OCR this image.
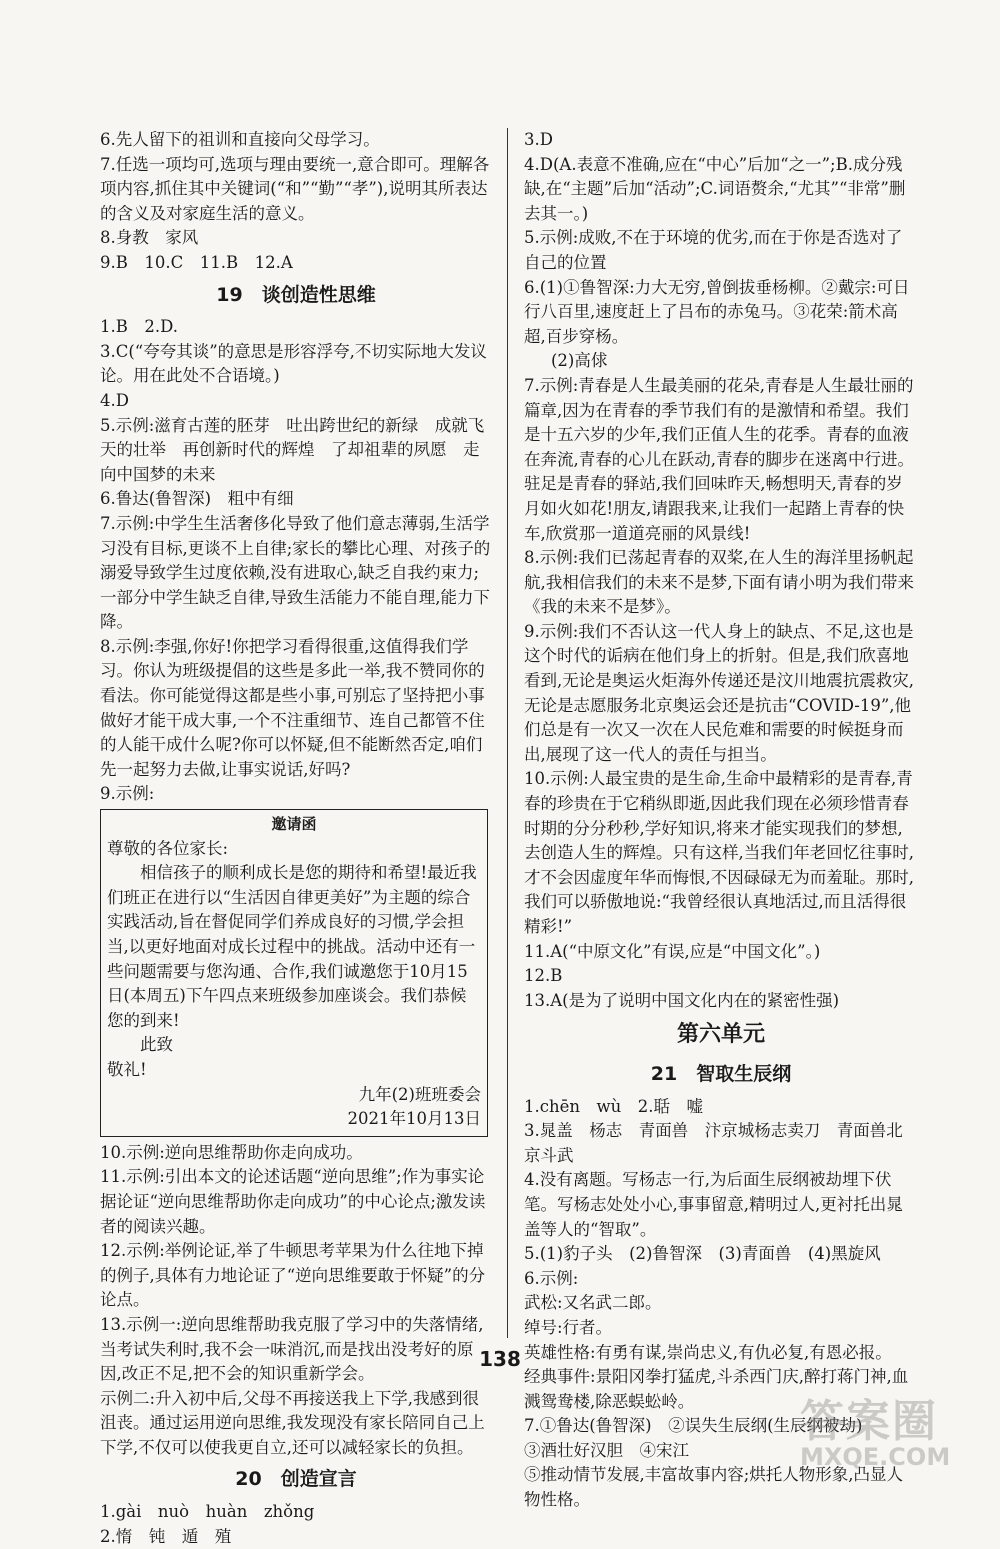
6.先人留下的祖训和直接向父母学习。

7.任选一项均可,选项与理由要统一,意合即可。理解各项内容,抓住其中关键词(“和”“勤”“孝”),说明其所表达的含义及对家庭生活的意义。

8.身教　家风

9.B　10.C　11.B　12.A

19　谈创造性思维

1.B　2.D.

3.C(“夸夸其谈”的意思是形容浮夸,不切实际地大发议论。用在此处不合语境。)

4.D

5.示例:滋育古莲的胚芽　吐出跨世纪的新绿　成就飞天的壮举　再创新时代的辉煌　了却祖辈的夙愿　走向中国梦的未来

6.鲁达(鲁智深)　粗中有细

7.示例:中学生生活奢侈化导致了他们意志薄弱,生活学习没有目标,更谈不上自律;家长的攀比心理、对孩子的溺爱导致学生过度依赖,没有进取心,缺乏自我约束力;一部分中学生缺乏自律,导致生活能力不能自理,能力下降。

8.示例:李强,你好!你把学习看得很重,这值得我们学习。你认为班级提倡的这些是多此一举,我不赞同你的看法。你可能觉得这都是些小事,可别忘了坚持把小事做好才能干成大事,一个不注重细节、连自己都管不住的人能干成什么呢?你可以怀疑,但不能断然否定,咱们先一起努力去做,让事实说话,好吗?

9.示例:

邀请函

尊敬的各位家长:

相信孩子的顺利成长是您的期待和希望!最近我们班正在进行以“生活因自律更美好”为主题的综合实践活动,旨在督促同学们养成良好的习惯,学会担当,以更好地面对成长过程中的挑战。活动中还有一些问题需要与您沟通、合作,我们诚邀您于10月15日(本周五)下午四点来班级参加座谈会。我们恭候您的到来!

此致

敬礼!

九年(2)班班委会

2021年10月13日

10.示例:逆向思维帮助你走向成功。

11.示例:引出本文的论述话题“逆向思维”;作为事实论据论证“逆向思维帮助你走向成功”的中心论点;激发读者的阅读兴趣。

12.示例:举例论证,举了牛顿思考苹果为什么往地下掉的例子,具体有力地论证了“逆向思维要敢于怀疑”的分论点。

13.示例一:逆向思维帮助我克服了学习中的失落情绪,当考试失利时,我不会一味消沉,而是找出没考好的原因,改正不足,把不会的知识重新学会。

示例二:升入初中后,父母不再接送我上下学,我感到很沮丧。通过运用逆向思维,我发现没有家长陪同自己上下学,不仅可以使我更自立,还可以减轻家长的负担。

20　创造宣言

1.gài　nuò　huàn　zhǒng

2.惰　钝　遁　殖

3.D

4.D(A.表意不准确,应在“中心”后加“之一”;B.成分残缺,在“主题”后加“活动”;C.词语赘余,“尤其”“非常”删去其一。)

5.示例:成败,不在于环境的优劣,而在于你是否选对了自己的位置

6.(1)①鲁智深:力大无穷,曾倒拔垂杨柳。②戴宗:可日行八百里,速度赶上了吕布的赤兔马。③花荣:箭术高超,百步穿杨。

(2)高俅

7.示例:青春是人生最美丽的花朵,青春是人生最壮丽的篇章,因为在青春的季节我们有的是激情和希望。我们是十五六岁的少年,我们正值人生的花季。青春的血液在奔流,青春的心儿在跃动,青春的脚步在迷离中行进。驻足是青春的驿站,我们回味昨天,畅想明天,青春的岁月如火如花!朋友,请跟我来,让我们一起踏上青春的快车,欣赏那一道道亮丽的风景线!

8.示例:我们已荡起青春的双桨,在人生的海洋里扬帆起航,我相信我们的未来不是梦,下面有请小明为我们带来《我的未来不是梦》。

9.示例:我们不否认这一代人身上的缺点、不足,这也是这个时代的诟病在他们身上的折射。但是,我们欣喜地看到,无论是奥运火炬海外传递还是汶川地震抗震救灾,无论是志愿服务北京奥运会还是抗击“COVID-19”,他们总是有一次又一次在人民危难和需要的时候挺身而出,展现了这一代人的责任与担当。

10.示例:人最宝贵的是生命,生命中最精彩的是青春,青春的珍贵在于它稍纵即逝,因此我们现在必须珍惜青春时期的分分秒秒,学好知识,将来才能实现我们的梦想,去创造人生的辉煌。只有这样,当我们年老回忆往事时,才不会因虚度年华而悔恨,不因碌碌无为而羞耻。那时,我们可以骄傲地说:“我曾经很认真地活过,而且活得很精彩!”

11.A(“中原文化”有误,应是“中国文化”。)

12.B

13.A(是为了说明中国文化内在的紧密性强)

第六单元
21　智取生辰纲

1.chēn　wù　2.聒　嘘

3.晁盖　杨志　青面兽　汴京城杨志卖刀　青面兽北京斗武

4.没有离题。写杨志一行,为后面生辰纲被劫埋下伏笔。写杨志处处小心,事事留意,精明过人,更衬托出晁盖等人的“智取”。

5.(1)豹子头　(2)鲁智深　(3)青面兽　(4)黑旋风

6.示例:

武松:又名武二郎。

绰号:行者。

英雄性格:有勇有谋,崇尚忠义,有仇必复,有恩必报。

经典事件:景阳冈拳打猛虎,斗杀西门庆,醉打蒋门神,血溅鸳鸯楼,除恶蜈蚣岭。

7.①鲁达(鲁智深)　②误失生辰纲(生辰纲被劫)

③酒壮好汉胆　④宋江

⑤推动情节发展,丰富故事内容;烘托人物形象,凸显人物性格。

138
答案圈
MXQE.COM
